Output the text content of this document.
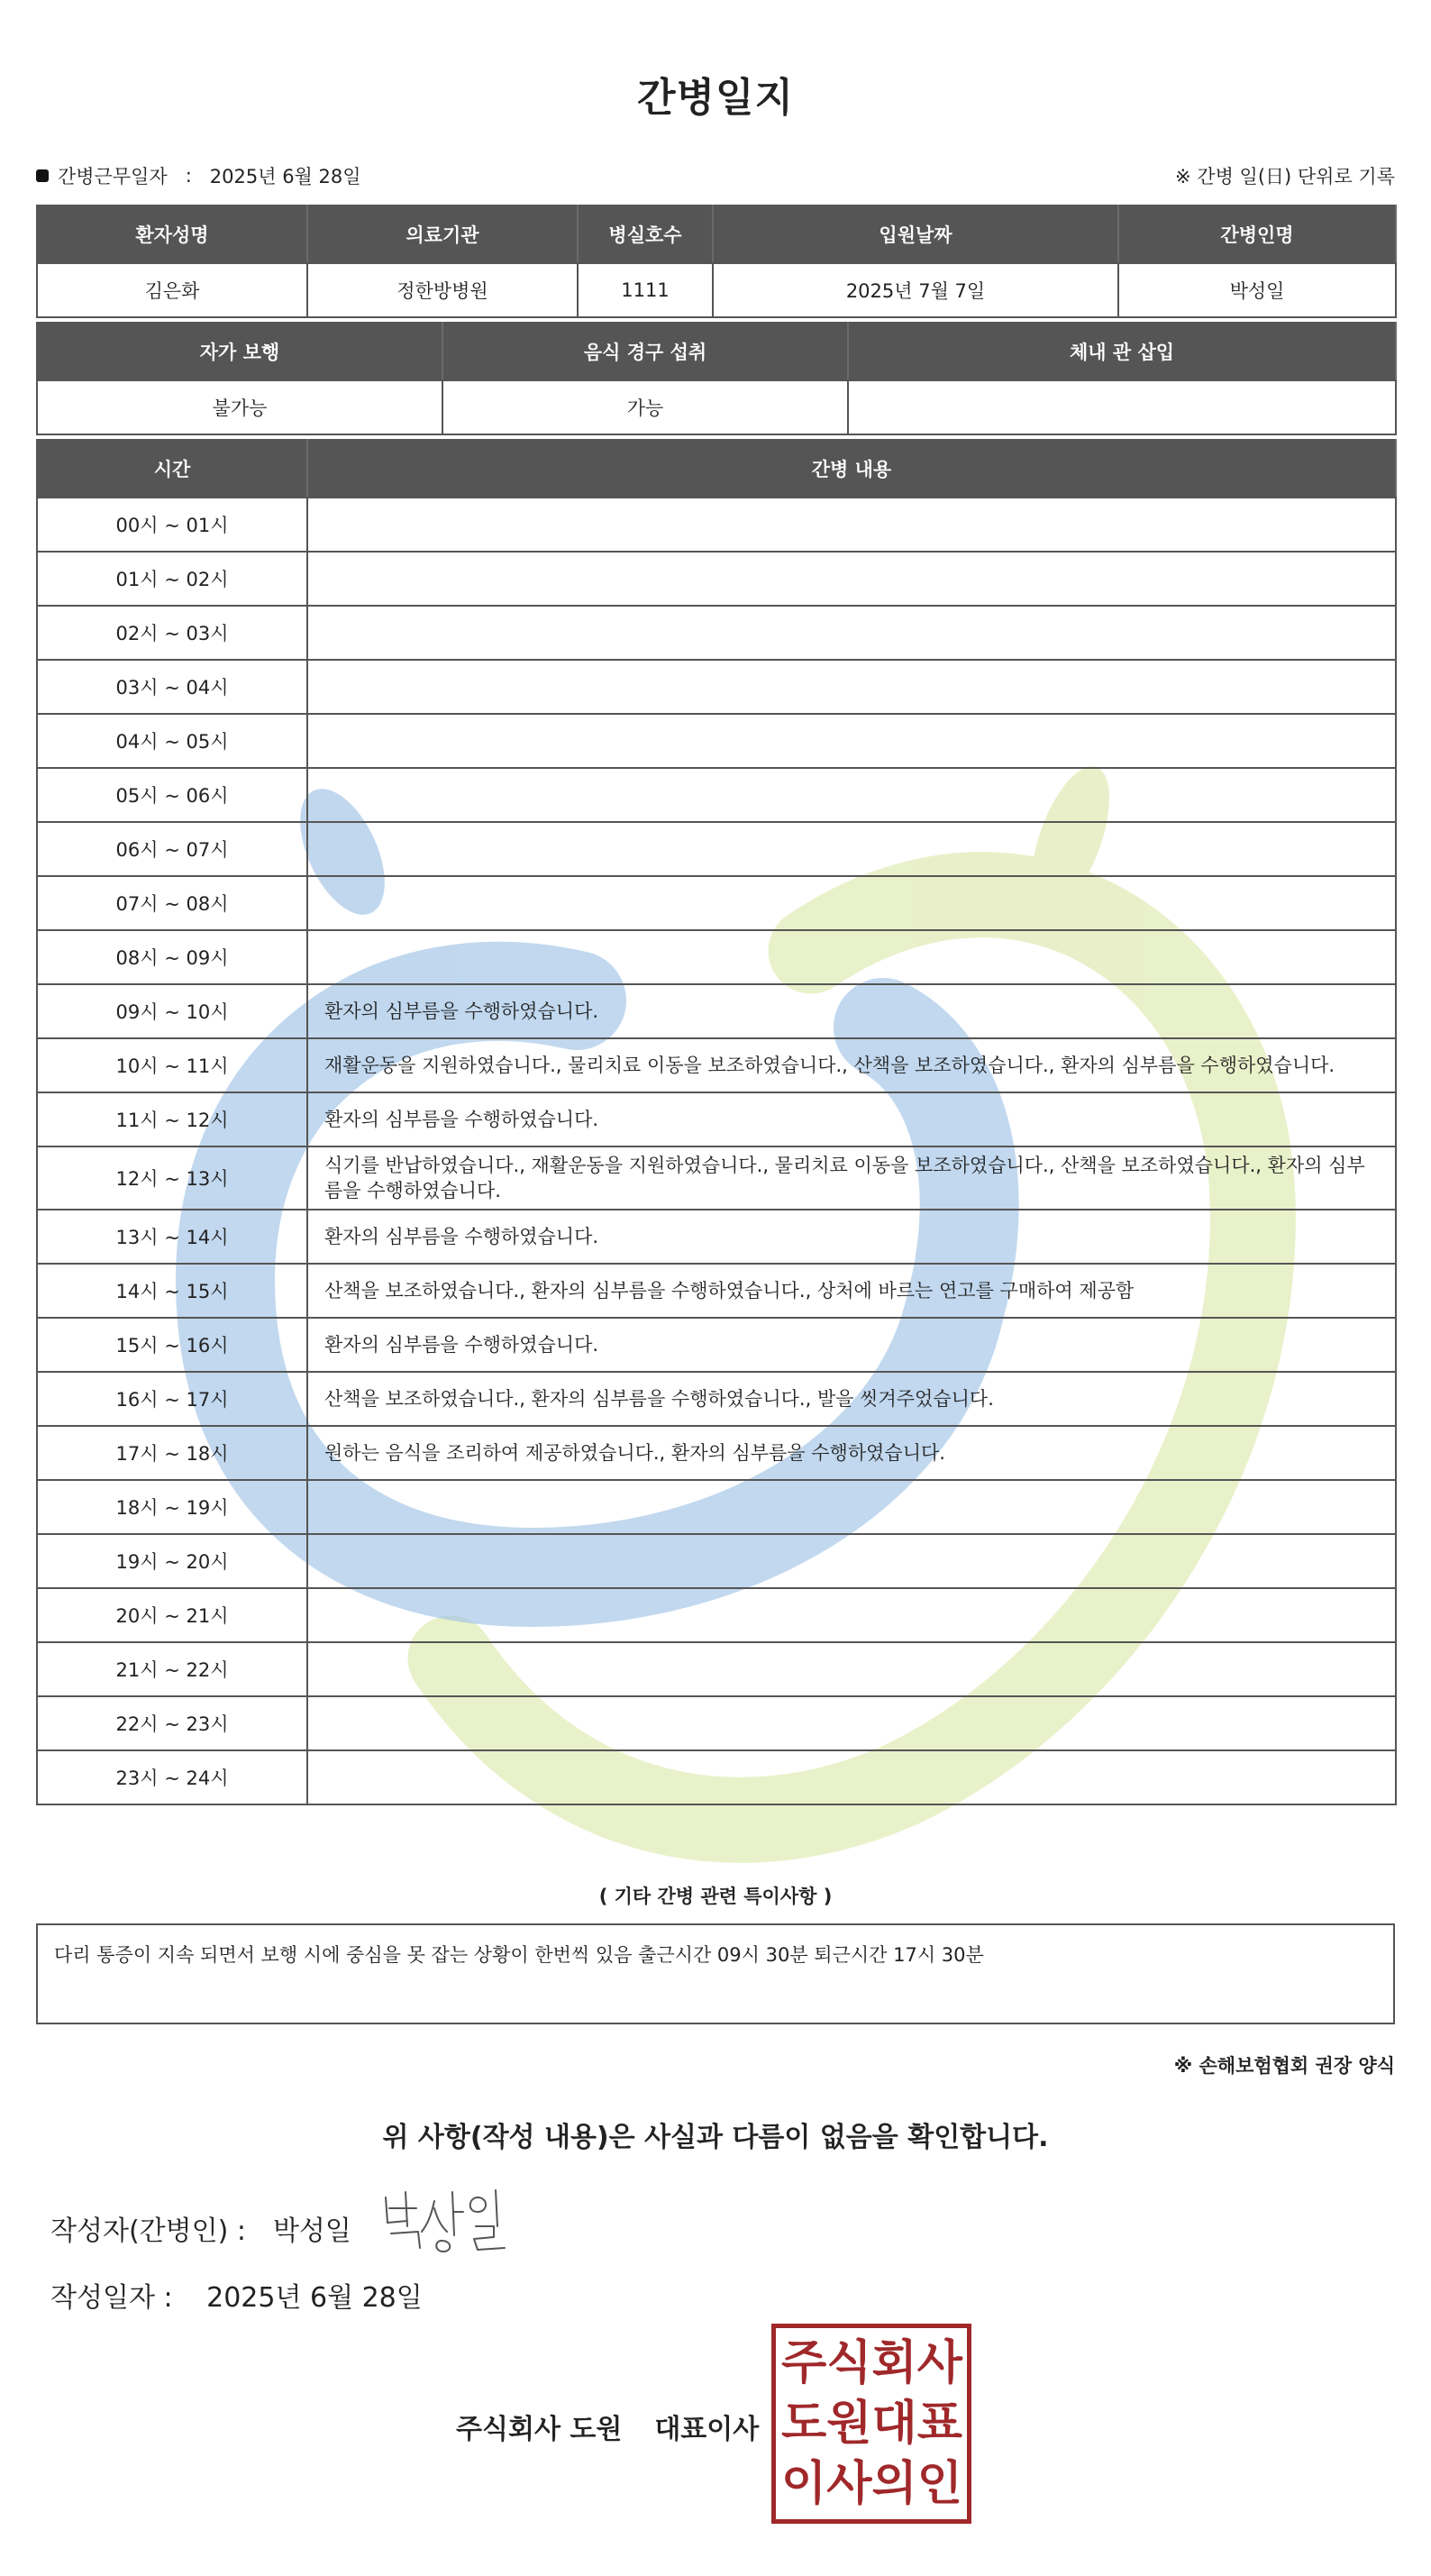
간병일지
간병근무일자 : 2025년 6월 28일	※ 간병 일(日) 단위로 기록
환자성명	의료기관	병실호수	입원날짜	간병인명
김은화	정한방병원	1111	2025년 7월 7일	박성일
자가 보행	음식 경구 섭취	체내 관 삽입
불가능	가능	
시간	간병 내용
00시 ~ 01시	
01시 ~ 02시	
02시 ~ 03시	
03시 ~ 04시	
04시 ~ 05시	
05시 ~ 06시	
06시 ~ 07시	
07시 ~ 08시	
08시 ~ 09시	
09시 ~ 10시	환자의 심부름을 수행하였습니다.
10시 ~ 11시	재활운동을 지원하였습니다., 물리치료 이동을 보조하였습니다., 산책을 보조하였습니다., 환자의 심부름을 수행하였습니다.
11시 ~ 12시	환자의 심부름을 수행하였습니다.
12시 ~ 13시	식기를 반납하였습니다., 재활운동을 지원하였습니다., 물리치료 이동을 보조하였습니다., 산책을 보조하였습니다., 환자의 심부름을 수행하였습니다.
13시 ~ 14시	환자의 심부름을 수행하였습니다.
14시 ~ 15시	산책을 보조하였습니다., 환자의 심부름을 수행하였습니다., 상처에 바르는 연고를 구매하여 제공함
15시 ~ 16시	환자의 심부름을 수행하였습니다.
16시 ~ 17시	산책을 보조하였습니다., 환자의 심부름을 수행하였습니다., 발을 씻겨주었습니다.
17시 ~ 18시	원하는 음식을 조리하여 제공하였습니다., 환자의 심부름을 수행하였습니다.
18시 ~ 19시	
19시 ~ 20시	
20시 ~ 21시	
21시 ~ 22시	
22시 ~ 23시	
23시 ~ 24시	
( 기타 간병 관련 특이사항 )
다리 통증이 지속 되면서 보행 시에 중심을 못 잡는 상황이 한번씩 있음 출근시간 09시 30분 퇴근시간 17시 30분
※ 손해보험협회 권장 양식
위 사항(작성 내용)은 사실과 다름이 없음을 확인합니다.
작성자(간병인) : 박성일
작성일자 : 2025년 6월 28일
주식회사 도원 대표이사
주 식 회 사
도 원 대 표
이 사 의 인
